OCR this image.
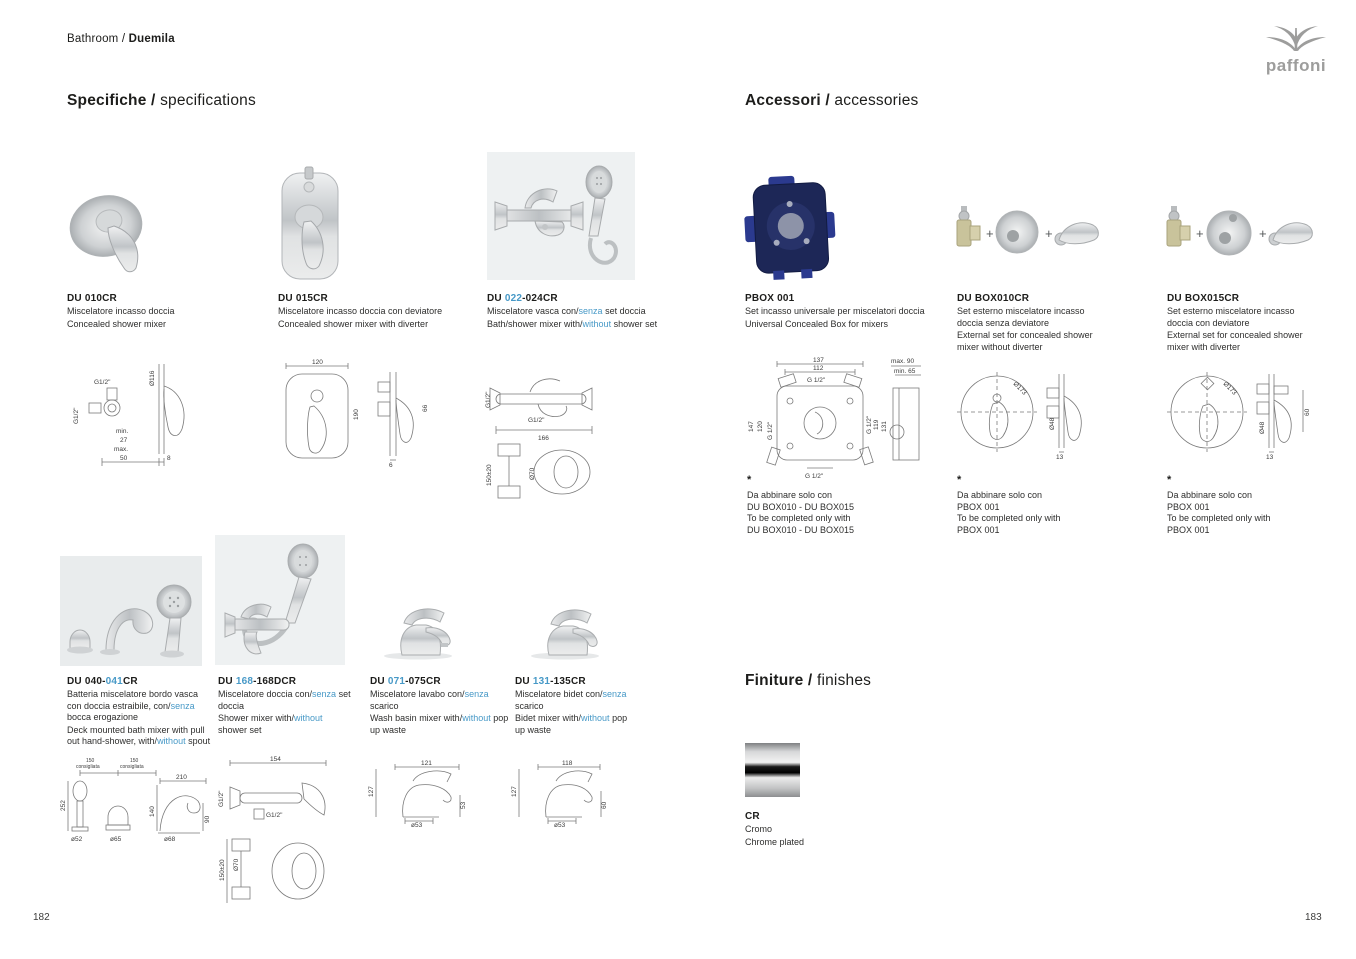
Bathroom / Duemila
paffoni
Specifiche / specifications	Accessori / accessories
+	+	+	+
DU 010CR
Miscelatore incasso doccia
Concealed shower mixer
DU 015CR
Miscelatore incasso doccia con deviatore
Concealed shower mixer with diverter
DU 022-024CR
Miscelatore vasca con/senza set doccia
Bath/shower mixer with/without shower set
PBOX 001
Set incasso universale per miscelatori doccia
Universal Concealed Box for mixers
DU BOX010CR
Set esterno miscelatore incasso doccia senza deviatore
External set for concealed shower mixer without diverter
DU BOX015CR
Set esterno miscelatore incasso doccia con deviatore
External set for concealed shower mixer with diverter
Ø116
G1/2"
G1/2"
min.
27
max.
50	8
120
190
66
6
G1/2"
G1/2"
166
Ø70
150±20
137
112
G 1/2"
147 120 G 1/2"	G 1/2" 119 131
G 1/2"
max. 90
min. 65
Ø173
Ø48
13
Ø173
60
Ø48
13
*
Da abbinare solo con
DU BOX010 - DU BOX015
To be completed only with
DU BOX010 - DU BOX015
*
Da abbinare solo con
PBOX 001
To be completed only with
PBOX 001
*
Da abbinare solo con
PBOX 001
To be completed only with
PBOX 001
DU 040-041CR
Batteria miscelatore bordo vasca con doccia estraibile, con/senza bocca erogazione
Deck mounted bath mixer with pull out hand-shower, with/without spout
DU 168-168DCR
Miscelatore doccia con/senza set doccia
Shower mixer with/without shower set
DU 071-075CR
Miscelatore lavabo con/senza scarico
Wash basin mixer with/without pop up waste
DU 131-135CR
Miscelatore bidet con/senza scarico
Bidet mixer with/without pop up waste
150
consigliata
150
consigliata
210
252
140
90
ø52	ø65	ø68
154
G1/2"
G1/2"
Ø70
150±20
121
127
53
ø53
118
127
60
ø53
Finiture / finishes
CR
Cromo
Chrome plated
182	183
